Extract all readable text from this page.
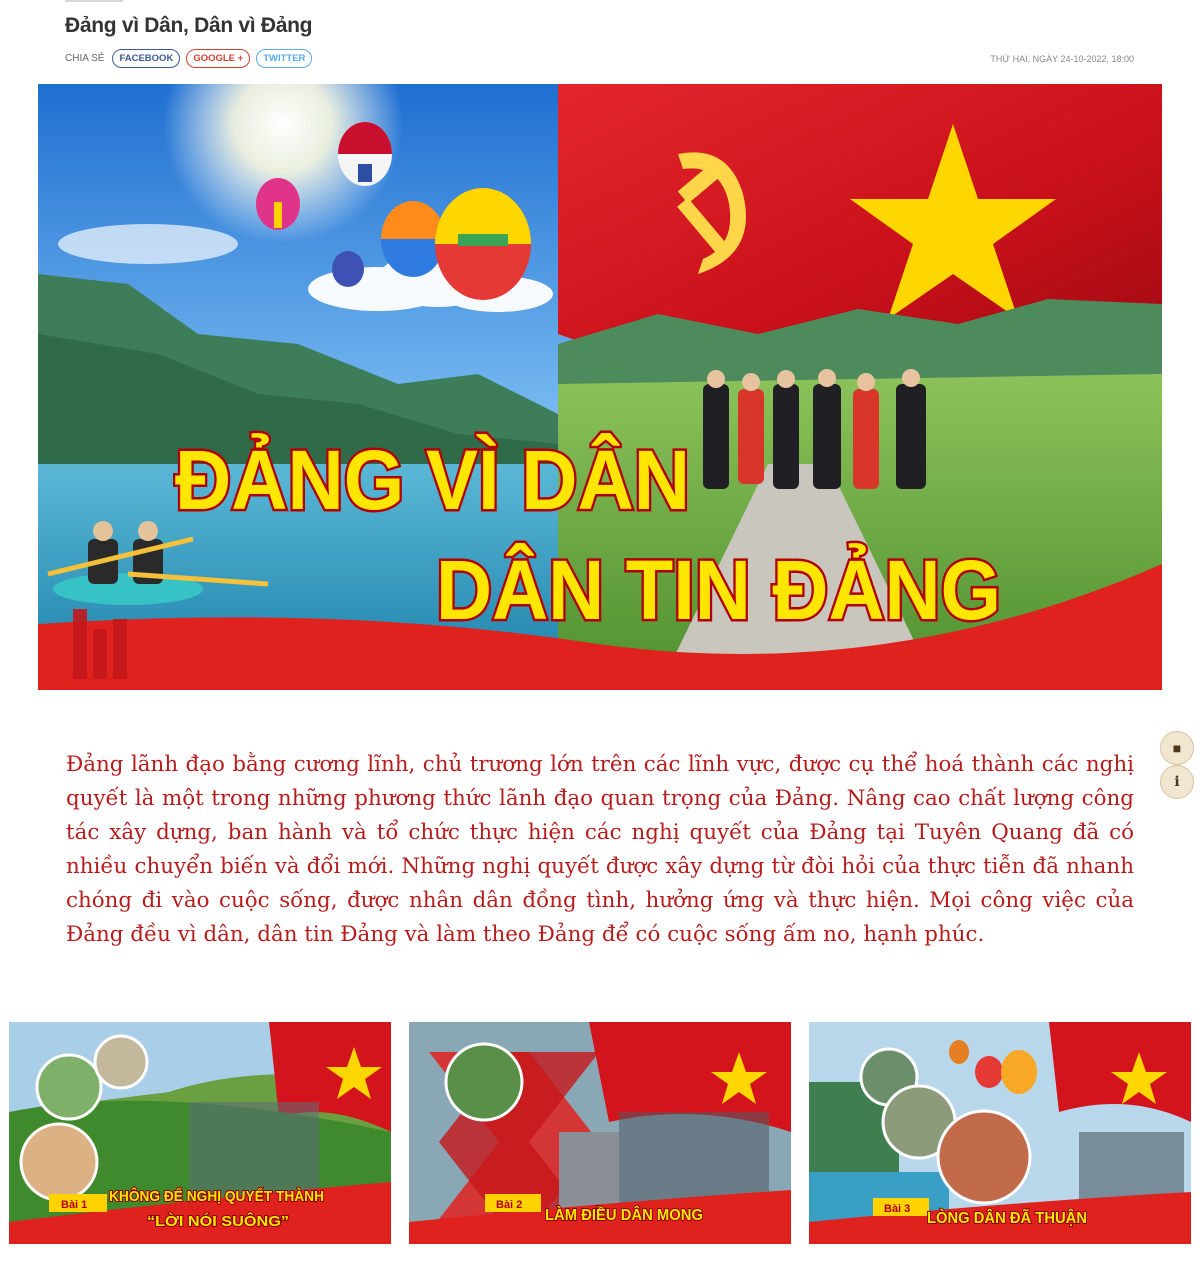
Đảng vì Dân, Dân vì Đảng
CHIA SẺ	FACEBOOK	GOOGLE +	TWITTER	THỨ HAI, NGÀY 24-10-2022, 18:00
ĐẢNG VÌ DÂN
DÂN TIN ĐẢNG
■
i

Đảng lãnh đạo bằng cương lĩnh, chủ trương lớn trên các lĩnh vực, được cụ thể hoá thành các nghị quyết là một trong những phương thức lãnh đạo quan trọng của Đảng. Nâng cao chất lượng công tác xây dựng, ban hành và tổ chức thực hiện các nghị quyết của Đảng tại Tuyên Quang đã có nhiều chuyển biến và đổi mới. Những nghị quyết được xây dựng từ đòi hỏi của thực tiễn đã nhanh chóng đi vào cuộc sống, được nhân dân đồng tình, hưởng ứng và thực hiện. Mọi công việc của Đảng đều vì dân, dân tin Đảng và làm theo Đảng để có cuộc sống ấm no, hạnh phúc.

Bài 1 KHÔNG ĐỂ NGHỊ QUYẾT THÀNH
“LỜI NÓI SUÔNG”
Bài 2
LÀM ĐIỀU DÂN MONG	Bài 3
LÒNG DÂN ĐÃ THUẬN
